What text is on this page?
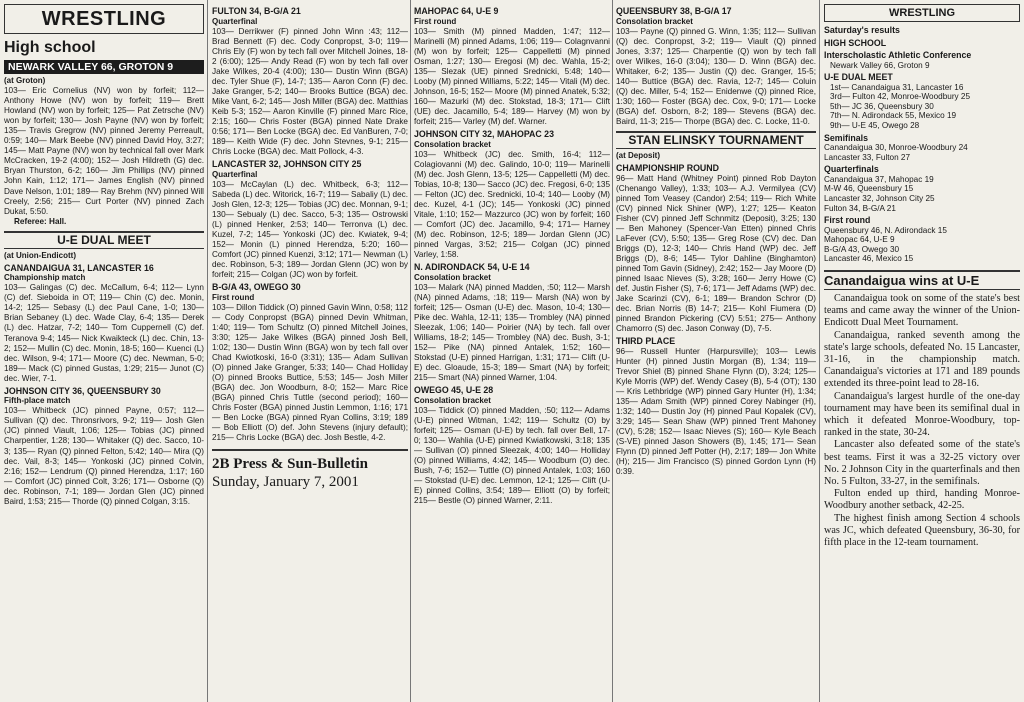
WRESTLING
High school
NEWARK VALLEY 66, GROTON 9
(at Groton)

103— Eric Cornelius (NV) won by forfeit; 112— Anthony Howe (NV) won by forfeit; 119— Brett Howland (NV) won by forfeit; 125— Pat Zetrsche (NV) won by forfeit; 130— Josh Payne (NV) won by forfeit; 135— Travis Gregrow (NV) pinned Jeremy Perreault, 0:59; 140— Mark Beebe (NV) pinned David Hoy, 3:27; 145— Matt Payne (NV) won by technical fall over Mark McCracken, 19-2 (4:00); 152— Josh Hildreth (G) dec. Bryan Thurston, 6-2; 160— Jim Phillips (NV) pinned John Kain, 1:12; 171— James English (NV) pinned Dave Nelson, 1:01; 189— Ray Brehm (NV) pinned Will Creely, 2:56; 215— Curt Porter (NV) pinned Zach Dukat, 5:50.

Referee: Hall.
U-E DUAL MEET
(at Union-Endicott)
CANANDAIGUA 31, LANCASTER 16
Championship match

103— Galingas (C) dec. McCallum, 6-4; 112— Lynn (C) def. Sieboida in OT; 119— Chin (C) dec. Monin, 14-2; 125— Sebasy (L) dec Paul Cane, 1-0; 130— Brian Sebaney (L) dec. Wade Clay, 6-4; 135— Derek (L) dec. Hatzar, 7-2; 140— Tom Cuppernell (C) def. Teranova 9-4; 145— Nick Kwaikteck (L) dec. Chin, 13-2; 152— Mullin (C) dec. Monin, 18-5; 160— Kuenci (L) dec. Wilson, 9-4; 171— Moore (C) dec. Newman, 5-0; 189— Mack (C) pinned Gustas, 1:29; 215— Junot (C) dec. Wier, 7-1.

JOHNSON CITY 36, QUEENSBURY 30
Fifth-place match

103— Whitbeck (JC) pinned Payne, 0:57; 112— Sullivan (Q) dec. Thronsrivors, 9-2; 119— Josh Glen (JC) pinned Viault, 1:06; 125— Tobias (JC) pinned Charpentier, 1:28; 130— Whitaker (Q) dec. Sacco, 10-3; 135— Ryan (Q) pinned Felton, 5:42; 140— Mira (Q) dec. Vail, 8-3; 145— Yonkoski (JC) pinned Colvin, 2:16; 152— Lendrum (Q) pinned Herendza, 1:17; 160— Comfort (JC) pinned Colt, 3:26; 171— Osborne (Q) dec. Robinson, 7-1; 189— Jordan Glen (JC) pinned Baird, 1:53; 215— Thorde (Q) pinned Colgan, 3:15.

FULTON 34, B-G/A 21
Quarterfinal

103— Derrikwer (F) pinned John Winn :43; 112— Brad Bennett (F) dec. Cody Conpropst, 3-0; 119— Chris Ely (F) won by tech fall over Mitchell Joines, 18-2 (6:00); 125— Andy Read (F) won by tech fall over Jake Wilkes, 20-4 (4:00); 130— Dustin Winn (BGA) dec. Tyler Shue (F), 14-7; 135— Aaron Conn (F) dec. Jake Granger, 5-2; 140— Brooks Buttice (BGA) dec. Mike Vant, 6-2; 145— Josh Miller (BGA) dec. Matthias Keib 5-3; 152— Aaron Kinville (F) pinned Marc Rice, 2:15; 160— Chris Foster (BGA) pinned Nate Drake 0:56; 171— Ben Locke (BGA) dec. Ed VanBuren, 7-0; 189— Keith Wide (F) dec. John Stevnes, 9-1; 215— Chris Locke (BGA) dec. Matt Pollock, 4-3.

LANCASTER 32, JOHNSON CITY 25
Quarterfinal

103— McCaylan (L) dec. Whitbeck, 6-3; 112— Sabeda (L) dec. Witorick, 16-7; 119— Sabaliy (L) dec. Josh Glen, 12-3; 125— Tobias (JC) dec. Monnan, 9-1; 130— Sebualy (L) dec. Sacco, 5-3; 135— Ostrowski (L) pinned Henker, 2:53; 140— Terronva (L) dec. Kuzel, 7-2; 145— Yonkoski (JC) dec. Kwiatek, 9-4; 152— Monin (L) pinned Herendza, 5:20; 160— Comfort (JC) pinned Kuenzi, 3:12; 171— Newman (L) dec. Robinson, 5-3; 189— Jordan Glenn (JC) won by forfeit; 215— Colgan (JC) won by forfeit.

B-G/A 43, OWEGO 30
First round

103— Dillon Tiddick (O) pinned Gavin Winn, 0:58; 112— Cody Conpropst (BGA) pinned Devin Whitman, 1:40; 119— Tom Schultz (O) pinned Mitchell Joines, 3:30; 125— Jake Wilkes (BGA) pinned Josh Bell, 1:02; 130— Dustin Winn (BGA) won by tech fall over Chad Kwiotkoski, 16-0 (3:31); 135— Adam Sullivan (O) pinned Jake Granger, 5:33; 140— Chad Holliday (O) pinned Brooks Buttice, 5:53; 145— Josh Miller (BGA) dec. Jon Woodburn, 8-0; 152— Marc Rice (BGA) pinned Chris Tuttle (second period); 160— Chris Foster (BGA) pinned Justin Lemmon, 1:16; 171— Ben Locke (BGA) pinned Ryan Collins, 3:19; 189— Bob Elliott (O) def. John Stevens (injury default); 215— Chris Locke (BGA) dec. Josh Bestle, 4-2.

2B Press & Sun-Bulletin
Sunday, January 7, 2001
MAHOPAC 64, U-E 9
First round

103— Smith (M) pinned Madden, 1:47; 112— Marinelli (M) pinned Adams, 1:06; 119— Colagnvanni (M) won by forfeit; 125— Cappelletti (M) pinned Osman, 1:27; 130— Eregosi (M) dec. Wahla, 15-2; 135— Slezak (UE) pinned Srednicki, 5:48; 140— Looby (M) pinned Williams, 5:22; 145— Vitali (M) dec. Johnson, 16-5; 152— Moore (M) pinned Anatek, 5:32; 160— Mazurki (M) dec. Stokstad, 18-3; 171— Clift (UE) dec. Jacamillo, 5-4; 189— Harvey (M) won by forfeit; 215— Varley (M) def. Warner.

JOHNSON CITY 32, MAHOPAC 23
Consolation bracket

103— Whitbeck (JC) dec. Smith, 16-4; 112— Colagiovanni (M) dec. Galindo, 10-0; 119— Marinelli (M) dec. Josh Glenn, 13-5; 125— Cappelletti (M) dec. Tobias, 10-8; 130— Sacco (JC) dec. Fregosi, 6-0; 135— Felton (JC) dec. Srednicki, 10-4; 140— Looby (M) dec. Kuzel, 4-1 (JC); 145— Yonkoski (JC) pinned Vitale, 1:10; 152— Mazzurco (JC) won by forfeit; 160— Comfort (JC) dec. Jacamillo, 9-4; 171— Harney (M) dec. Robinson, 12-5; 189— Jordan Glenn (JC) pinned Vargas, 3:52; 215— Colgan (JC) pinned Varley, 1:58.

N. ADIRONDACK 54, U-E 14
Consolation bracket

103— Malark (NA) pinned Madden, :50; 112— Marsh (NA) pinned Adams, :18; 119— Marsh (NA) won by forfeit; 125— Osman (U-E) dec. Mason, 10-4; 130— Pike dec. Wahla, 12-11; 135— Trombley (NA) pinned Sleezak, 1:06; 140— Poirier (NA) by tech. fall over Williams, 18-2; 145— Trombley (NA) dec. Bush, 3-1; 152— Pike (NA) pinned Antalek, 1:52; 160— Stokstad (U-E) pinned Harrigan, 1:31; 171— Clift (U-E) dec. Gloaude, 15-3; 189— Smart (NA) by forfeit; 215— Smart (NA) pinned Warner, 1:04.

OWEGO 45, U-E 28
Consolation bracket

103— Tiddick (O) pinned Madden, :50; 112— Adams (U-E) pinned Witman, 1:42; 119— Schultz (O) by forfeit; 125— Osman (U-E) by tech. fall over Bell, 17-0; 130— Wahlia (U-E) pinned Kwiatkowski, 3:18; 135— Sullivan (O) pinned Sleezak, 4:00; 140— Holliday (O) pinned Williams, 4:42; 145— Woodburn (O) dec. Bush, 7-6; 152— Tuttle (O) pinned Antalek, 1:03; 160— Stokstad (U-E) dec. Lemmon, 12-1; 125— Clift (U-E) pinned Collins, 3:54; 189— Elliott (O) by forfeit; 215— Bestle (O) pinned Warner, 2:11.

QUEENSBURY 38, B-G/A 17
Consolation bracket

103— Payne (Q) pinned G. Winn, 1:35; 112— Sullivan (Q) dec. Conpropst, 3-2; 119— Viault (Q) pinned Jones, 3:37; 125— Charpentie (Q) won by tech fall over Wilkes, 16-0 (3:04); 130— D. Winn (BGA) dec. Whitaker, 6-2; 135— Justin (Q) dec. Granger, 15-5; 140— Buttice (BGA) dec. Ravia, 12-7; 145— Coluin (Q) dec. Miller, 5-4; 152— Enidenwe (Q) pinned Rice, 1:30; 160— Foster (BGA) dec. Cox, 9-0; 171— Locke (BGA) def. Osborn, 8-2; 189— Stevens (BGA) dec. Baird, 11-3; 215— Thorpe (BGA) dec. C. Locke, 11-0.

STAN ELINSKY TOURNAMENT
(at Deposit)
CHAMPIONSHIP ROUND

96— Matt Hand (Whitney Point) pinned Rob Dayton (Chenango Valley), 1:33; 103— A.J. Vermilyea (CV) pinned Tom Veasey (Candor) 2:54; 119— Rich White (CV) pinned Nick Shiner (WP), 1:27; 125— Keaton Fisher (CV) pinned Jeff Schnmitz (Deposit), 3:25; 130— Ben Mahoney (Spencer-Van Etten) pinned Chris LaFever (CV), 5:50; 135— Greg Rose (CV) dec. Dan Briggs (D), 12-3; 140— Chris Hand (WP) dec. Jeff Briggs (D), 8-6; 145— Tylor Dahline (Binghamton) pinned Tom Gavin (Sidney), 2:42; 152— Jay Moore (D) pinned Isaac Nieves (S), 3:28; 160— Jerry Howe (C) def. Justin Fisher (S), 7-6; 171— Jeff Adams (WP) dec. Jake Scarinzi (CV), 6-1; 189— Brandon Schror (D) dec. Brian Norris (B) 14-7; 215— Kohl Fiumera (D) pinned Brandon Pickering (CV) 5:51; 275— Anthony Chamorro (S) dec. Jason Conway (D), 7-5.

THIRD PLACE

96— Russell Hunter (Harpursville); 103— Lewis Hunter (H) pinned Justin Morgan (B), 1:34; 119— Trevor Shiel (B) pinned Shane Flynn (D), 3:24; 125— Kyle Morris (WP) def. Wendy Casey (B), 5-4 (OT); 130— Kris Lethbridge (WP) pinned Gary Hunter (H), 1:34; 135— Adam Smith (WP) pinned Corey Nabinger (H), 1:32; 140— Dustin Joy (H) pinned Paul Kopalek (CV), 3:29; 145— Sean Shaw (WP) pinned Trent Mahoney (CV), 5:28; 152— Isaac Nieves (S); 160— Kyle Beach (S-VE) pinned Jason Showers (B), 1:45; 171— Sean Flynn (D) pinned Jeff Potter (H), 2:17; 189— Jon White (H); 215— Jim Francisco (S) pinned Gordon Lynn (H) 0:39.

WRESTLING
Saturday's results
HIGH SCHOOL
Interscholastic Athletic Conference
Newark Valley 66, Groton 9
U-E DUAL MEET
1st— Canandaigua 31, Lancaster 16
3rd— Fulton 42, Monroe-Woodbury 25
5th— JC 36, Queensbury 30
7th— N. Adirondack 55, Mexico 19
9th— U-E 45, Owego 28
Semifinals
Canandaigua 30, Monroe-Woodbury 24
Lancaster 33, Fulton 27
Quarterfinals
Canandaigua 37, Mahopac 19
M-W 46, Queensbury 15
Lancaster 32, Johnson City 25
Fulton 34, B-G/A 21
First round
Queensbury 46, N. Adirondack 15
Mahopac 64, U-E 9
B-G/A 43, Owego 30
Lancaster 46, Mexico 15
Canandaigua wins at U-E

Canandaigua took on some of the state's best teams and came away the winner of the Union-Endicott Dual Meet Tournament.

Canandaigua, ranked seventh among the state's large schools, defeated No. 15 Lancaster, 31-16, in the championship match. Canandaigua's victories at 171 and 189 pounds extended its three-point lead to 28-16.

Canandaigua's largest hurdle of the one-day tournament may have been its semifinal dual in which it defeated Monroe-Woodbury, top-ranked in the state, 30-24.

Lancaster also defeated some of the state's best teams. First it was a 32-25 victory over No. 2 Johnson City in the quarterfinals and then No. 5 Fulton, 33-27, in the semifinals.

Fulton ended up third, handing Monroe-Woodbury another setback, 42-25.

The highest finish among Section 4 schools was JC, which defeated Queensbury, 36-30, for fifth place in the 12-team tournament.
